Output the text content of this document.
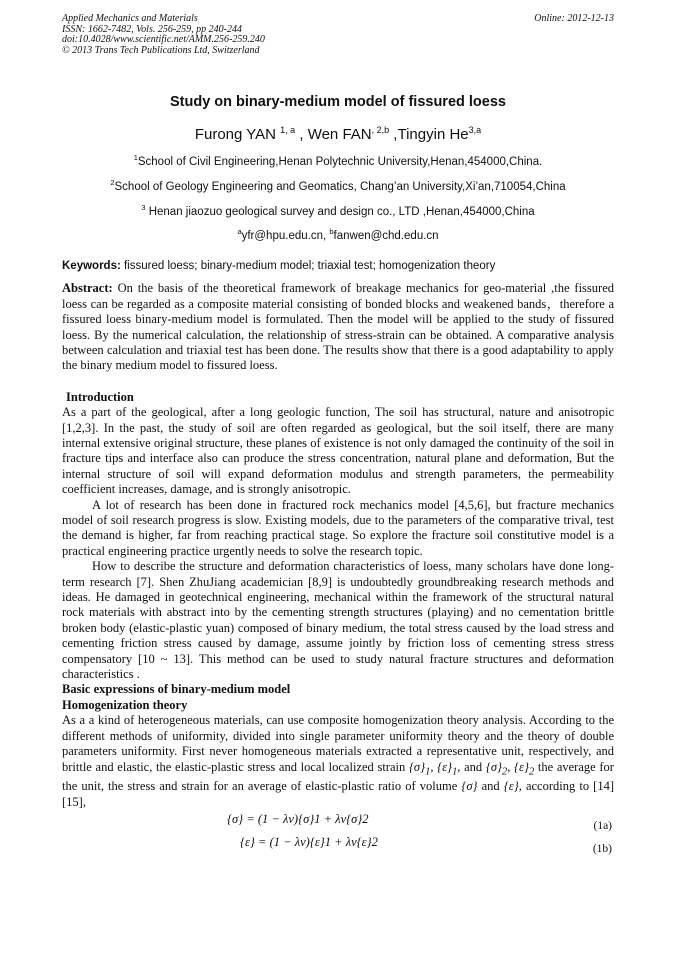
Applied Mechanics and Materials
ISSN: 1662-7482, Vols. 256-259, pp 240-244
doi:10.4028/www.scientific.net/AMM.256-259.240
© 2013 Trans Tech Publications Ltd, Switzerland
Online: 2012-12-13
Study on binary-medium model of fissured loess
Furong YAN $^{1, a}$ , Wen $FAN^{, 2,b}$ ,Tingyin He$^{3,a}$
$^1$School of Civil Engineering,Henan Polytechnic University,Henan,454000,China.
$^2$School of Geology Engineering and Geomatics, Chang’an University,Xi’an,710054,China
$^3$ Henan jiaozuo geological survey and design co., LTD ,Henan,454000,China
$^a$yfr@hpu.edu.cn, $^b$fanwen@chd.edu.cn
Keywords: fissured loess; binary-medium model; triaxial test; homogenization theory
Abstract: On the basis of the theoretical framework of breakage mechanics for geo-material ,the fissured loess can be regarded as a composite material consisting of bonded blocks and weakened bands，therefore a fissured loess binary-medium model is formulated. Then the model will be applied to the study of fissured loess. By the numerical calculation, the relationship of stress-strain can be obtained. A comparative analysis between calculation and triaxial test has been done. The results show that there is a good adaptability to apply the binary medium model to fissured loess.
Introduction
As a part of the geological, after a long geologic function, The soil has structural, nature and anisotropic [1,2,3]. In the past, the study of soil are often regarded as geological, but the soil itself, there are many internal extensive original structure, these planes of existence is not only damaged the continuity of the soil in fracture tips and interface also can produce the stress concentration, natural plane and deformation, But the internal structure of soil will expand deformation modulus and strength parameters, the permeability coefficient increases, damage, and is strongly anisotropic.
A lot of research has been done in fractured rock mechanics model [4,5,6], but fracture mechanics model of soil research progress is slow. Existing models, due to the parameters of the comparative trival, test the demand is higher, far from reaching practical stage. So explore the fracture soil constitutive model is a practical engineering practice urgently needs to solve the research topic.
How to describe the structure and deformation characteristics of loess, many scholars have done long-term research [7]. Shen ZhuJiang academician [8,9] is undoubtedly groundbreaking research methods and ideas. He damaged in geotechnical engineering, mechanical within the framework of the structural natural rock materials with abstract into by the cementing strength structures (playing) and no cementation brittle broken body (elastic-plastic yuan) composed of binary medium, the total stress caused by the load stress and cementing friction stress caused by damage, assume jointly by friction loss of cementing stress stress compensatory [10 ~ 13]. This method can be used to study natural fracture structures and deformation characteristics .
Basic expressions of binary-medium model
Homogenization theory
As a a kind of heterogeneous materials, can use composite homogenization theory analysis. According to the different methods of uniformity, divided into single parameter uniformity theory and the theory of double parameters uniformity. First never homogeneous materials extracted a representative unit, respectively, and brittle and elastic, the elastic-plastic stress and local localized strain $\{\sigma\}_1$, $\{\varepsilon\}_1$, and $\{\sigma\}_2$, $\{\varepsilon\}_2$ the average for the unit, the stress and strain for an average of elastic-plastic ratio of volume {σ} and {ε}, according to [14] [15],
{σ} = (1 − λv){σ}1 + λv{σ}2	(1a)
{ε} = (1 − λv){ε}1 + λv{ε}2	(1b)
